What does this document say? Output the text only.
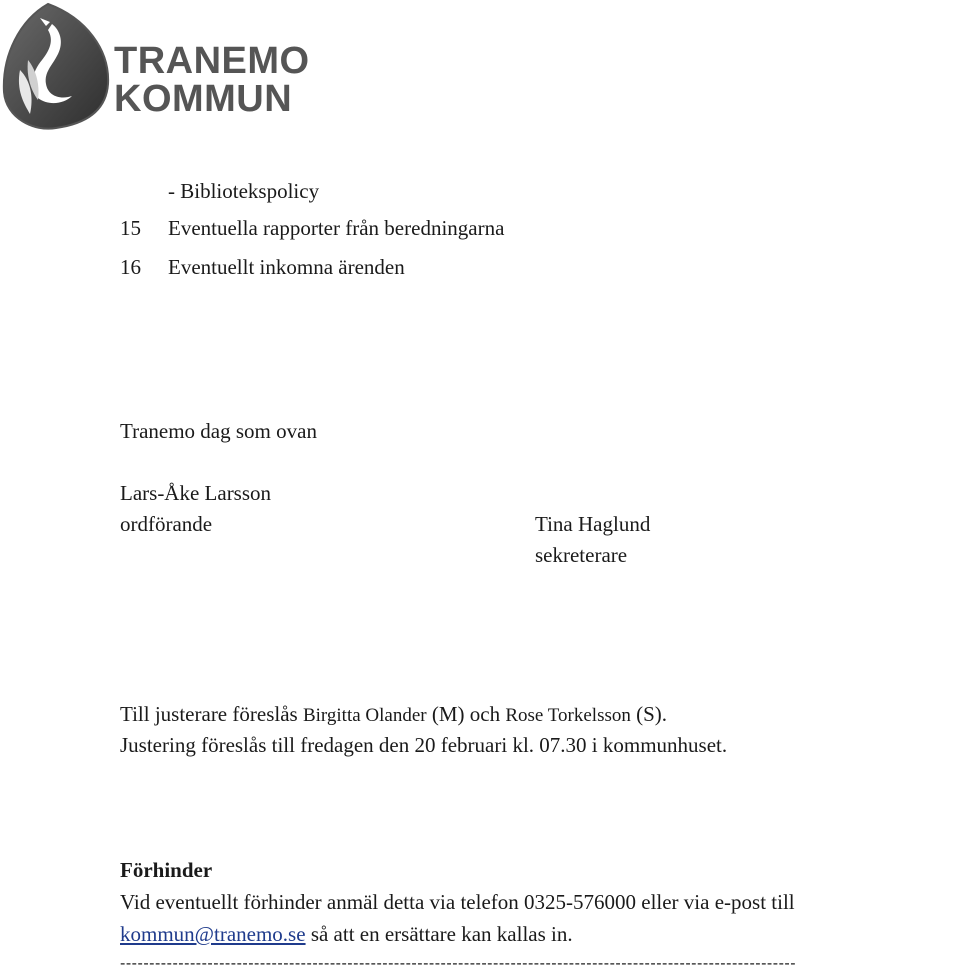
TRANEMO
KOMMUN
- Bibliotekspolicy
15 Eventuella rapporter från beredningarna
16 Eventuellt inkomna ärenden
Tranemo dag som ovan
Lars-Åke Larsson
ordförande	Tina Haglund
sekreterare
Till justerare föreslås Birgitta Olander (M) och Rose Torkelsson (S).
Justering föreslås till fredagen den 20 februari kl. 07.30 i kommunhuset.
Förhinder
Vid eventuellt förhinder anmäl detta via telefon 0325-576000 eller via e-post till
kommun@tranemo.se så att en ersättare kan kallas in.
--------------------------------------------------------------------------------------------------------------------
